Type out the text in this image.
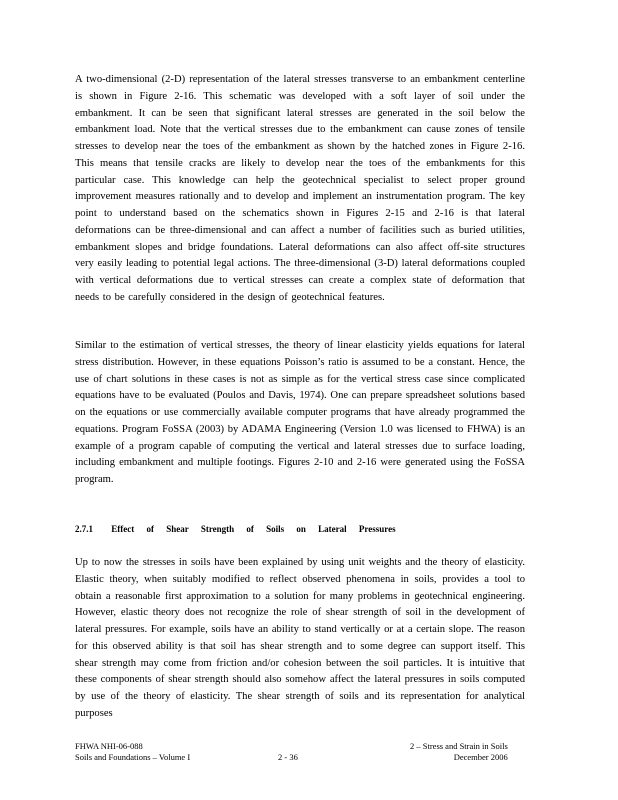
A two-dimensional (2-D) representation of the lateral stresses transverse to an embankment centerline is shown in Figure 2-16. This schematic was developed with a soft layer of soil under the embankment. It can be seen that significant lateral stresses are generated in the soil below the embankment load. Note that the vertical stresses due to the embankment can cause zones of tensile stresses to develop near the toes of the embankment as shown by the hatched zones in Figure 2-16. This means that tensile cracks are likely to develop near the toes of the embankments for this particular case. This knowledge can help the geotechnical specialist to select proper ground improvement measures rationally and to develop and implement an instrumentation program. The key point to understand based on the schematics shown in Figures 2-15 and 2-16 is that lateral deformations can be three-dimensional and can affect a number of facilities such as buried utilities, embankment slopes and bridge foundations. Lateral deformations can also affect off-site structures very easily leading to potential legal actions. The three-dimensional (3-D) lateral deformations coupled with vertical deformations due to vertical stresses can create a complex state of deformation that needs to be carefully considered in the design of geotechnical features.

Similar to the estimation of vertical stresses, the theory of linear elasticity yields equations for lateral stress distribution. However, in these equations Poisson’s ratio is assumed to be a constant. Hence, the use of chart solutions in these cases is not as simple as for the vertical stress case since complicated equations have to be evaluated (Poulos and Davis, 1974). One can prepare spreadsheet solutions based on the equations or use commercially available computer programs that have already programmed the equations. Program FoSSA (2003) by ADAMA Engineering (Version 1.0 was licensed to FHWA) is an example of a program capable of computing the vertical and lateral stresses due to surface loading, including embankment and multiple footings. Figures 2-10 and 2-16 were generated using the FoSSA program.

2.7.1 Effect of Shear Strength of Soils on Lateral Pressures

Up to now the stresses in soils have been explained by using unit weights and the theory of elasticity. Elastic theory, when suitably modified to reflect observed phenomena in soils, provides a tool to obtain a reasonable first approximation to a solution for many problems in geotechnical engineering. However, elastic theory does not recognize the role of shear strength of soil in the development of lateral pressures. For example, soils have an ability to stand vertically or at a certain slope. The reason for this observed ability is that soil has shear strength and to some degree can support itself. This shear strength may come from friction and/or cohesion between the soil particles. It is intuitive that these components of shear strength should also somehow affect the lateral pressures in soils computed by use of the theory of elasticity. The shear strength of soils and its representation for analytical purposes

FHWA NHI-06-088
Soils and Foundations – Volume I	2 - 36
2 – Stress and Strain in Soils
December 2006
